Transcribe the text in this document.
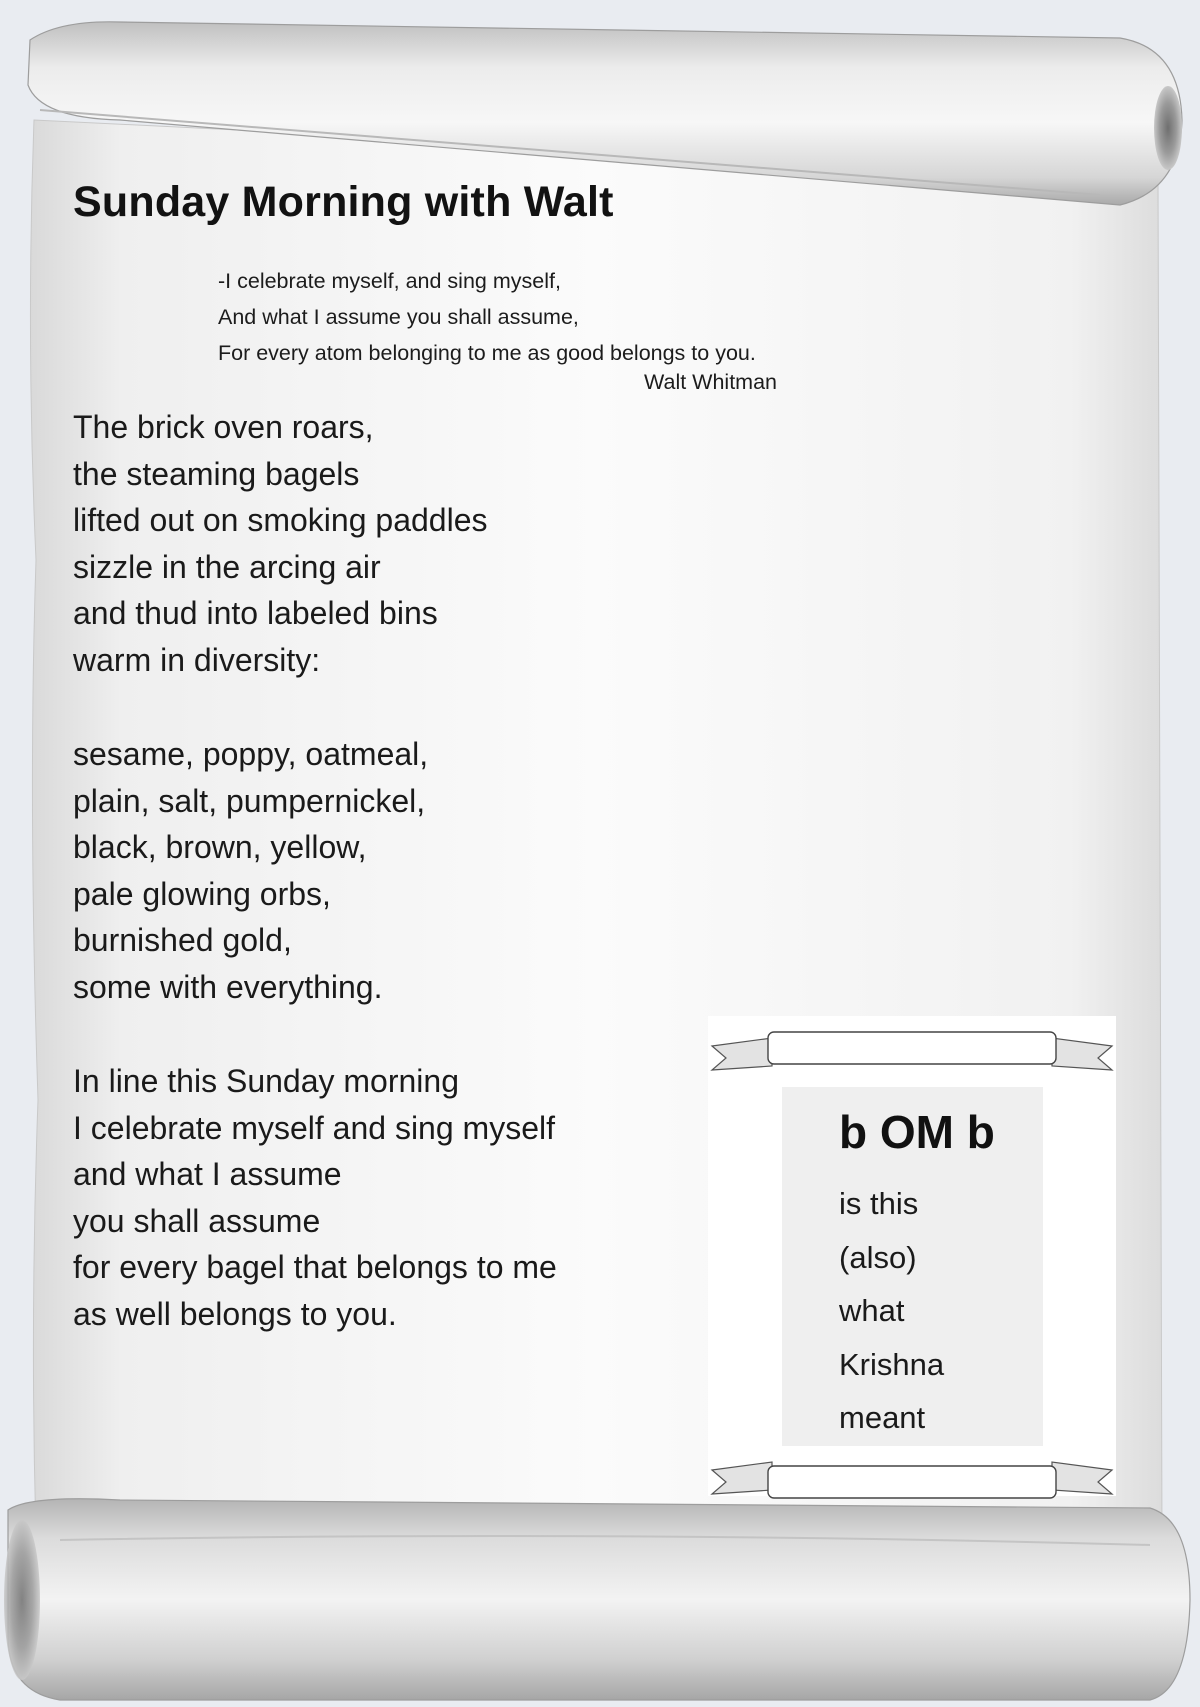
Sunday Morning with Walt
-I celebrate myself, and sing myself,
And what I assume you shall assume,
For every atom belonging to me as good belongs to you.
Walt Whitman
The brick oven roars,
the steaming bagels
lifted out on smoking paddles
sizzle in the arcing air
and thud into labeled bins
warm in diversity:
sesame, poppy, oatmeal,
plain, salt, pumpernickel,
black, brown, yellow,
pale glowing orbs,
burnished gold,
some with everything.
In line this Sunday morning
I celebrate myself and sing myself
and what I assume
you shall assume
for every bagel that belongs to me
as well belongs to you.
b OM b
is this
(also)
what
Krishna
meant
